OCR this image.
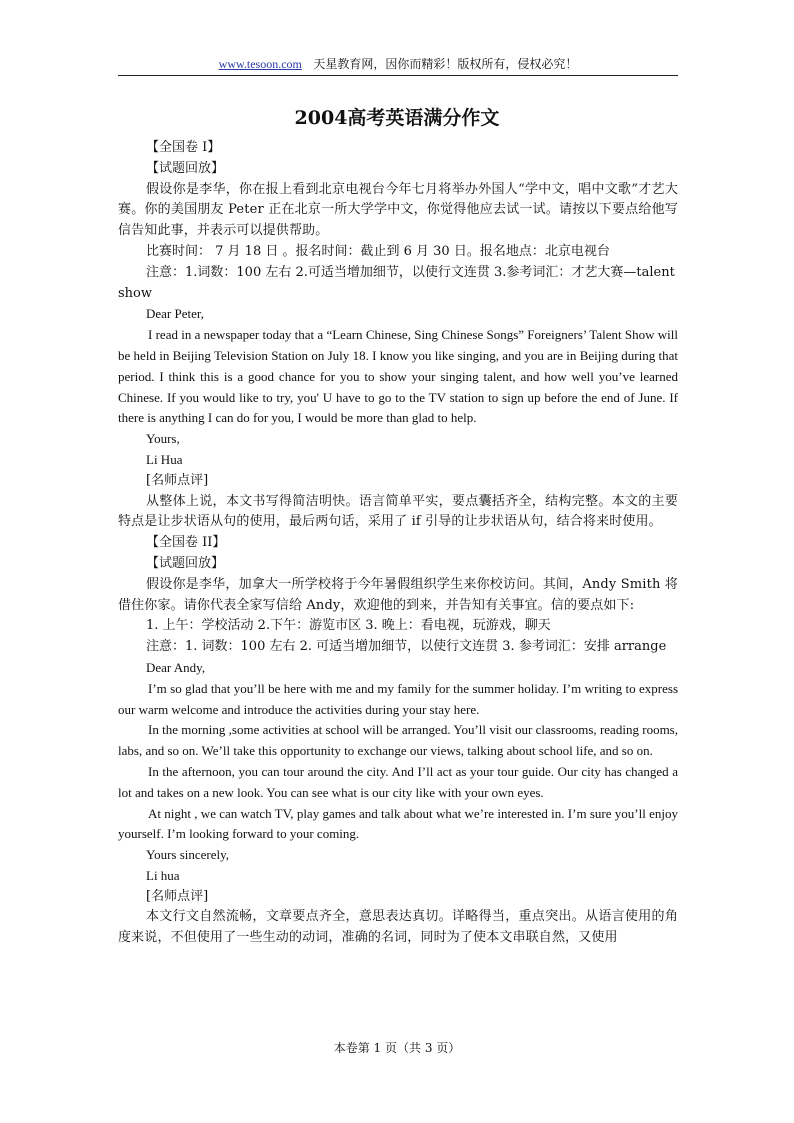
www.tesoon.com 天星教育网，因你而精彩！版权所有，侵权必究！
2004高考英语满分作文

【全国卷 I】

【试题回放】

假设你是李华，你在报上看到北京电视台今年七月将举办外国人“学中文，唱中文歌”才艺大赛。你的美国朋友 Peter 正在北京一所大学学中文，你觉得他应去试一试。请按以下要点给他写信告知此事，并表示可以提供帮助。

比赛时间： 7 月 18 日 。报名时间：截止到 6 月 30 日。报名地点：北京电视台

注意：1.词数：100 左右 2.可适当增加细节，以使行文连贯 3.参考词汇：才艺大赛—talent show

Dear Peter,

I read in a newspaper today that a “Learn Chinese, Sing Chinese Songs” Foreigners’ Talent Show will be held in Beijing Television Station on July 18. I know you like singing, and you are in Beijing during that period. I think this is a good chance for you to show your singing talent, and how well you’ve learned Chinese. If you would like to try, you' U have to go to the TV station to sign up before the end of June. If there is anything I can do for you, I would be more than glad to help.

Yours,

Li Hua

[名师点评]

从整体上说，本文书写得简洁明快。语言简单平实，要点囊括齐全，结构完整。本文的主要特点是让步状语从句的使用，最后两句话，采用了 if 引导的让步状语从句，结合将来时使用。

【全国卷 II】

【试题回放】

假设你是李华，加拿大一所学校将于今年暑假组织学生来你校访问。其间，Andy Smith 将借住你家。请你代表全家写信给 Andy，欢迎他的到来，并告知有关事宜。信的要点如下:

1. 上午：学校活动 2.下午：游览市区 3. 晚上：看电视，玩游戏，聊天

注意：1. 词数：100 左右 2. 可适当增加细节，以使行文连贯 3. 参考词汇：安排 arrange

Dear Andy,

I’m so glad that you’ll be here with me and my family for the summer holiday. I’m writing to express our warm welcome and introduce the activities during your stay here.

In the morning ,some activities at school will be arranged. You’ll visit our classrooms, reading rooms, labs, and so on. We’ll take this opportunity to exchange our views, talking about school life, and so on.

In the afternoon, you can tour around the city. And I’ll act as your tour guide. Our city has changed a lot and takes on a new look. You can see what is our city like with your own eyes.

At night , we can watch TV, play games and talk about what we’re interested in. I’m sure you’ll enjoy yourself. I’m looking forward to your coming.

Yours sincerely,

Li hua

[名师点评]

本文行文自然流畅，文章要点齐全，意思表达真切。详略得当，重点突出。从语言使用的角度来说，不但使用了一些生动的动词，准确的名词，同时为了使本文串联自然，又使用

本卷第 1 页（共 3 页）
